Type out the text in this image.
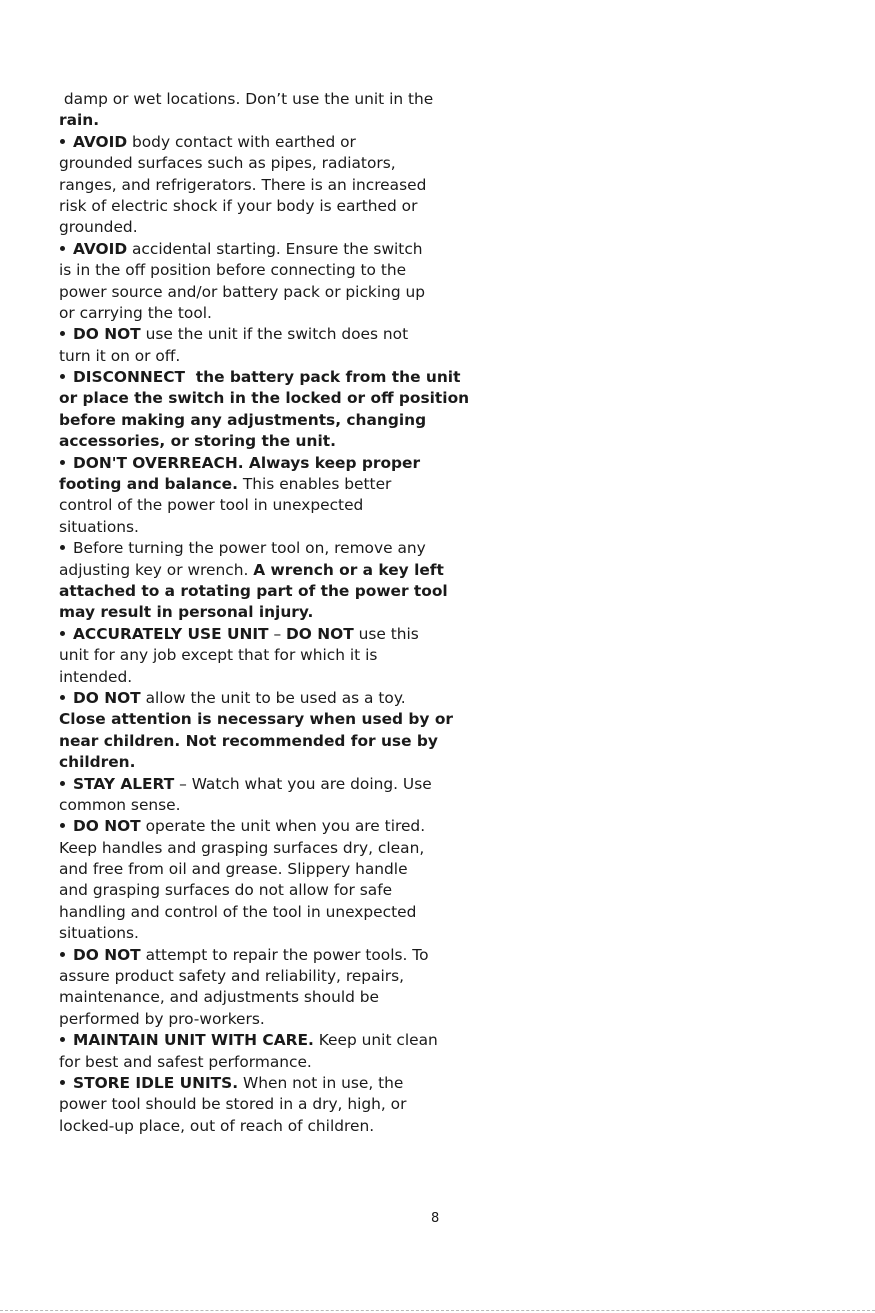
damp or wet locations. Don’t use the unit in the
rain.
AVOID body contact with earthed or
grounded surfaces such as pipes, radiators,
ranges, and refrigerators. There is an increased
risk of electric shock if your body is earthed or
grounded.
AVOID accidental starting. Ensure the switch
is in the off position before connecting to the
power source and/or battery pack or picking up
or carrying the tool.
DO NOT use the unit if the switch does not
turn it on or off.
DISCONNECT  the battery pack from the unit
or place the switch in the locked or off position
before making any adjustments, changing
accessories, or storing the unit.
DON'T OVERREACH. Always keep proper
footing and balance. This enables better
control of the power tool in unexpected
situations.
Before turning the power tool on, remove any
adjusting key or wrench. A wrench or a key left
attached to a rotating part of the power tool
may result in personal injury.
ACCURATELY USE UNIT – DO NOT use this
unit for any job except that for which it is
intended.
DO NOT allow the unit to be used as a toy.
Close attention is necessary when used by or
near children. Not recommended for use by
children.
STAY ALERT – Watch what you are doing. Use
common sense.
DO NOT operate the unit when you are tired.
Keep handles and grasping surfaces dry, clean,
and free from oil and grease. Slippery handle
and grasping surfaces do not allow for safe
handling and control of the tool in unexpected
situations.
DO NOT attempt to repair the power tools. To
assure product safety and reliability, repairs,
maintenance, and adjustments should be
performed by pro-workers.
MAINTAIN UNIT WITH CARE. Keep unit clean
for best and safest performance.
STORE IDLE UNITS. When not in use, the
power tool should be stored in a dry, high, or
locked-up place, out of reach of children.
8
